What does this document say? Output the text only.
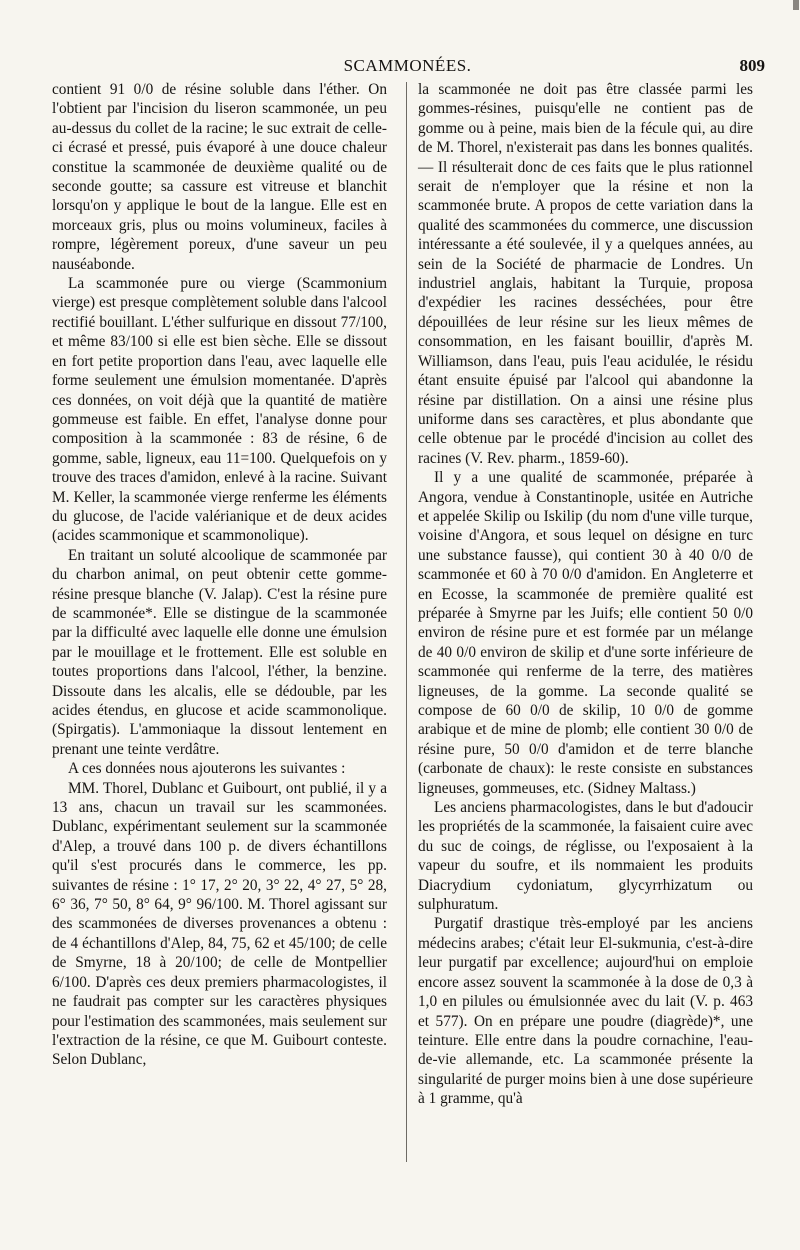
SCAMMONÉES.	809

contient 91 0/0 de résine soluble dans l'éther. On l'obtient par l'incision du liseron scammonée, un peu au-dessus du collet de la racine; le suc extrait de celle-ci écrasé et pressé, puis évaporé à une douce chaleur constitue la scammonée de deuxième qualité ou de seconde goutte; sa cassure est vitreuse et blanchit lorsqu'on y applique le bout de la langue. Elle est en morceaux gris, plus ou moins volumineux, faciles à rompre, légèrement poreux, d'une saveur un peu nauséabonde.

La scammonée pure ou vierge (Scammonium vierge) est presque complètement soluble dans l'alcool rectifié bouillant. L'éther sulfurique en dissout 77/100, et même 83/100 si elle est bien sèche. Elle se dissout en fort petite proportion dans l'eau, avec laquelle elle forme seulement une émulsion momentanée. D'après ces données, on voit déjà que la quantité de matière gommeuse est faible. En effet, l'analyse donne pour composition à la scammonée : 83 de résine, 6 de gomme, sable, ligneux, eau 11=100. Quelquefois on y trouve des traces d'amidon, enlevé à la racine. Suivant M. Keller, la scammonée vierge renferme les éléments du glucose, de l'acide valérianique et de deux acides (acides scammonique et scammonolique).

En traitant un soluté alcoolique de scammonée par du charbon animal, on peut obtenir cette gomme-résine presque blanche (V. Jalap). C'est la résine pure de scammonée*. Elle se distingue de la scammonée par la difficulté avec laquelle elle donne une émulsion par le mouillage et le frottement. Elle est soluble en toutes proportions dans l'alcool, l'éther, la benzine. Dissoute dans les alcalis, elle se dédouble, par les acides étendus, en glucose et acide scammonolique. (Spirgatis). L'ammoniaque la dissout lentement en prenant une teinte verdâtre.

A ces données nous ajouterons les suivantes :

MM. Thorel, Dublanc et Guibourt, ont publié, il y a 13 ans, chacun un travail sur les scammonées. Dublanc, expérimentant seulement sur la scammonée d'Alep, a trouvé dans 100 p. de divers échantillons qu'il s'est procurés dans le commerce, les pp. suivantes de résine : 1° 17, 2° 20, 3° 22, 4° 27, 5° 28, 6° 36, 7° 50, 8° 64, 9° 96/100. M. Thorel agissant sur des scammonées de diverses provenances a obtenu : de 4 échantillons d'Alep, 84, 75, 62 et 45/100; de celle de Smyrne, 18 à 20/100; de celle de Montpellier 6/100. D'après ces deux premiers pharmacologistes, il ne faudrait pas compter sur les caractères physiques pour l'estimation des scammonées, mais seulement sur l'extraction de la résine, ce que M. Guibourt conteste. Selon Dublanc,

la scammonée ne doit pas être classée parmi les gommes-résines, puisqu'elle ne contient pas de gomme ou à peine, mais bien de la fécule qui, au dire de M. Thorel, n'existerait pas dans les bonnes qualités. — Il résulterait donc de ces faits que le plus rationnel serait de n'employer que la résine et non la scammonée brute. A propos de cette variation dans la qualité des scammonées du commerce, une discussion intéressante a été soulevée, il y a quelques années, au sein de la Société de pharmacie de Londres. Un industriel anglais, habitant la Turquie, proposa d'expédier les racines desséchées, pour être dépouillées de leur résine sur les lieux mêmes de consommation, en les faisant bouillir, d'après M. Williamson, dans l'eau, puis l'eau acidulée, le résidu étant ensuite épuisé par l'alcool qui abandonne la résine par distillation. On a ainsi une résine plus uniforme dans ses caractères, et plus abondante que celle obtenue par le procédé d'incision au collet des racines (V. Rev. pharm., 1859-60).

Il y a une qualité de scammonée, préparée à Angora, vendue à Constantinople, usitée en Autriche et appelée Skilip ou Iskilip (du nom d'une ville turque, voisine d'Angora, et sous lequel on désigne en turc une substance fausse), qui contient 30 à 40 0/0 de scammonée et 60 à 70 0/0 d'amidon. En Angleterre et en Ecosse, la scammonée de première qualité est préparée à Smyrne par les Juifs; elle contient 50 0/0 environ de résine pure et est formée par un mélange de 40 0/0 environ de skilip et d'une sorte inférieure de scammonée qui renferme de la terre, des matières ligneuses, de la gomme. La seconde qualité se compose de 60 0/0 de skilip, 10 0/0 de gomme arabique et de mine de plomb; elle contient 30 0/0 de résine pure, 50 0/0 d'amidon et de terre blanche (carbonate de chaux): le reste consiste en substances ligneuses, gommeuses, etc. (Sidney Maltass.)

Les anciens pharmacologistes, dans le but d'adoucir les propriétés de la scammonée, la faisaient cuire avec du suc de coings, de réglisse, ou l'exposaient à la vapeur du soufre, et ils nommaient les produits Diacrydium cydoniatum, glycyrrhizatum ou sulphuratum.

Purgatif drastique très-employé par les anciens médecins arabes; c'était leur El-sukmunia, c'est-à-dire leur purgatif par excellence; aujourd'hui on emploie encore assez souvent la scammonée à la dose de 0,3 à 1,0 en pilules ou émulsionnée avec du lait (V. p. 463 et 577). On en prépare une poudre (diagrède)*, une teinture. Elle entre dans la poudre cornachine, l'eau-de-vie allemande, etc. La scammonée présente la singularité de purger moins bien à une dose supérieure à 1 gramme, qu'à
